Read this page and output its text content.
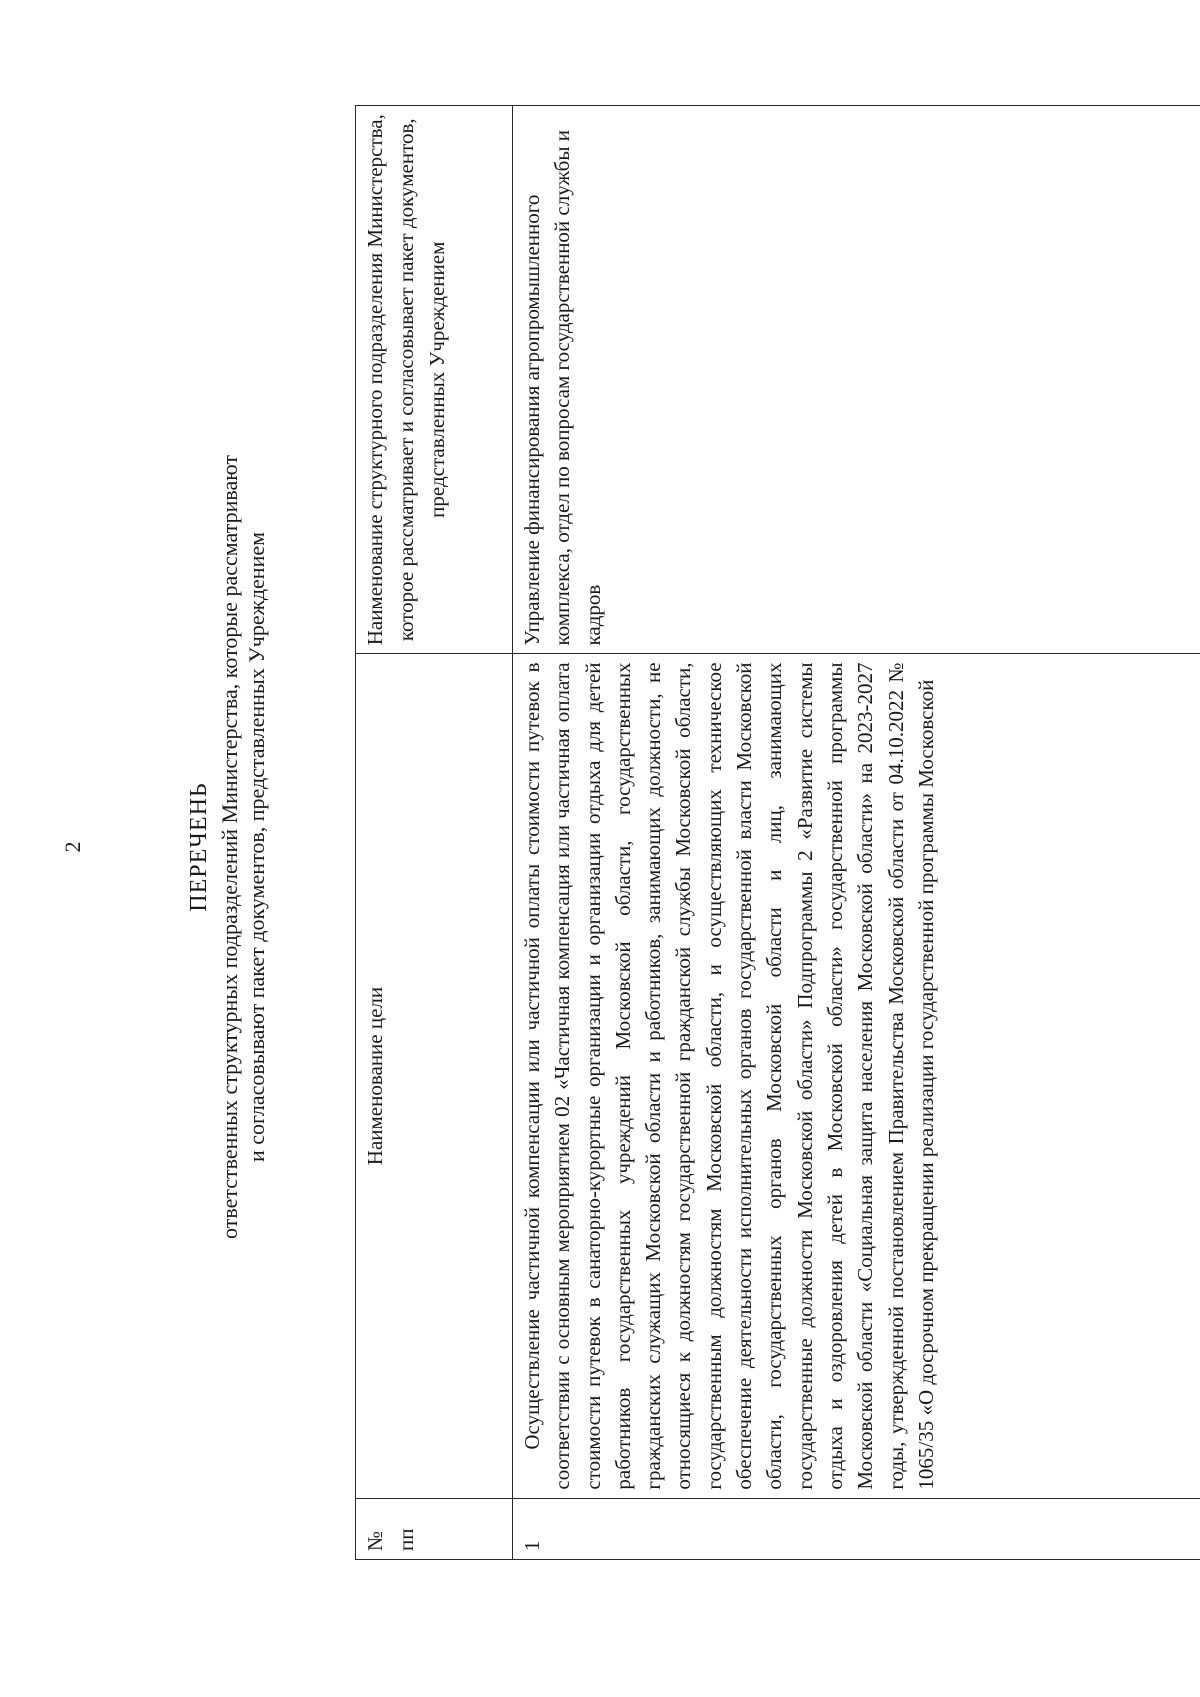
2	ПЕРЕЧЕНЬ ответственных структурных подразделений Министерства, которые рассматривают и согласовывают пакет документов, представленных Учреждением
№ пп	Наименование цели	Наименование структурного подразделения Министерства, которое рассматривает и согласовывает пакет документов, представленных Учреждением
1	Осуществление частичной компенсации или частичной оплаты стоимости путевок в соответствии с основным мероприятием 02 «Частичная компенсация или частичная оплата стоимости путевок в санаторно-курортные организации и организации отдыха для детей работников государственных учреждений Московской области, государственных гражданских служащих Московской области и работников, занимающих должности, не относящиеся к должностям государственной гражданской службы Московской области, государственным должностям Московской области, и осуществляющих техническое обеспечение деятельности исполнительных органов государственной власти Московской области, государственных органов Московской области и лиц, занимающих государственные должности Московской области» Подпрограммы 2 «Развитие системы отдыха и оздоровления детей в Московской области» государственной программы Московской области «Социальная защита населения Московской области» на 2023-2027 годы, утвержденной постановлением Правительства Московской области от 04.10.2022 № 1065/35 «О досрочном прекращении реализации государственной программы Московской	Управление финансирования агропромышленного комплекса, отдел по вопросам государственной службы и кадров
